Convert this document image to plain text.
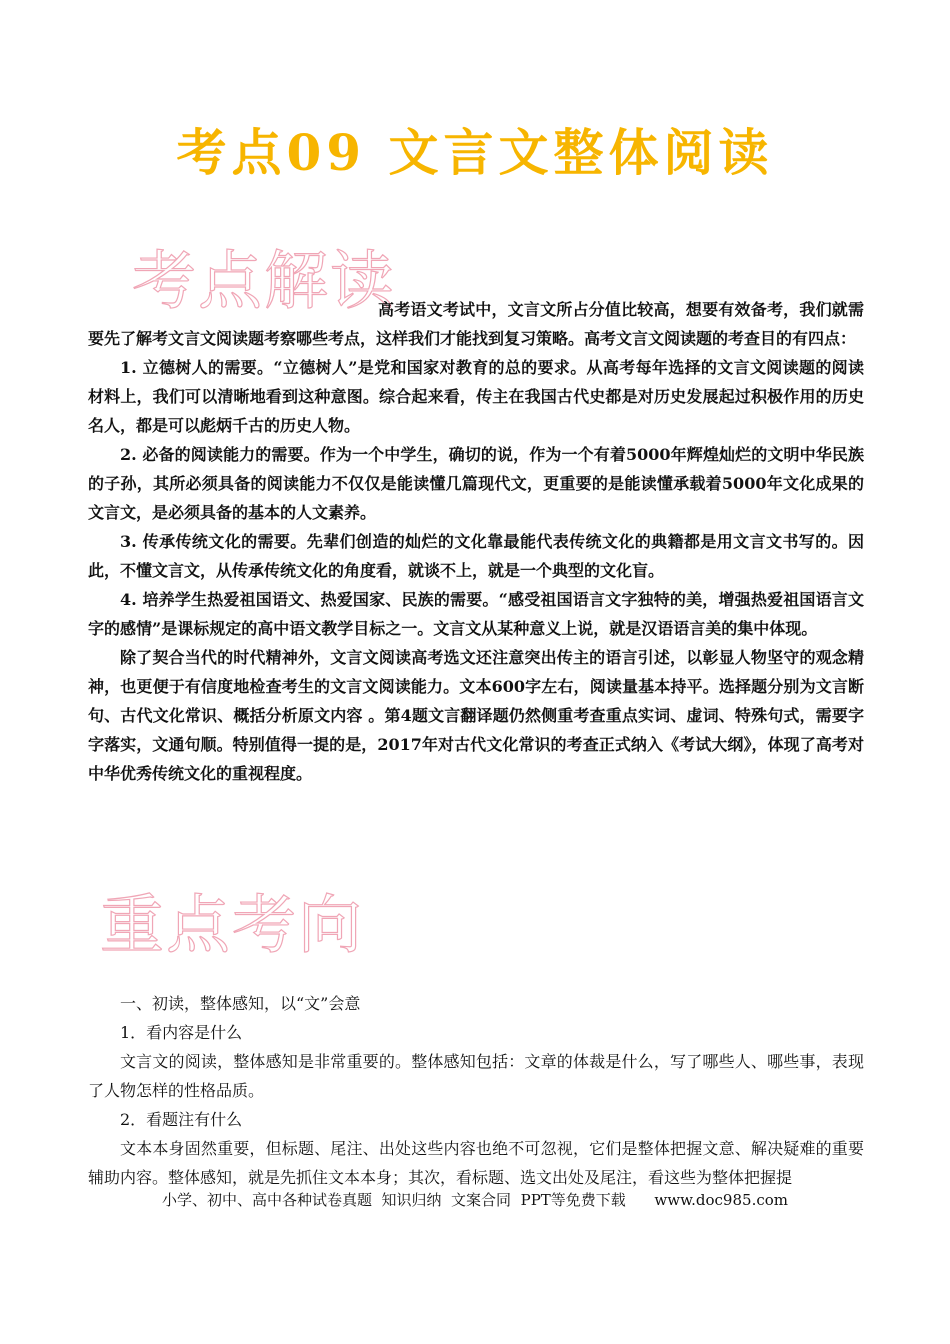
考点09 文言文整体阅读
考点解读

高考语文考试中，文言文所占分值比较高，想要有效备考，我们就需要先了解考文言文阅读题考察哪些考点，这样我们才能找到复习策略。高考文言文阅读题的考查目的有四点：

1. 立德树人的需要。“立德树人”是党和国家对教育的总的要求。从高考每年选择的文言文阅读题的阅读材料上，我们可以清晰地看到这种意图。综合起来看，传主在我国古代史都是对历史发展起过积极作用的历史名人，都是可以彪炳千古的历史人物。

2. 必备的阅读能力的需要。作为一个中学生，确切的说，作为一个有着5000年辉煌灿烂的文明中华民族的子孙，其所必须具备的阅读能力不仅仅是能读懂几篇现代文，更重要的是能读懂承载着5000年文化成果的文言文，是必须具备的基本的人文素养。

3. 传承传统文化的需要。先辈们创造的灿烂的文化靠最能代表传统文化的典籍都是用文言文书写的。因此，不懂文言文，从传承传统文化的角度看，就谈不上，就是一个典型的文化盲。

4. 培养学生热爱祖国语文、热爱国家、民族的需要。“感受祖国语言文字独特的美，增强热爱祖国语言文字的感情”是课标规定的高中语文教学目标之一。文言文从某种意义上说，就是汉语语言美的集中体现。

除了契合当代的时代精神外，文言文阅读高考选文还注意突出传主的语言引述，以彰显人物坚守的观念精神，也更便于有信度地检查考生的文言文阅读能力。文本600字左右，阅读量基本持平。选择题分别为文言断句、古代文化常识、概括分析原文内容 。第4题文言翻译题仍然侧重考查重点实词、虚词、特殊句式，需要字字落实，文通句顺。特别值得一提的是，2017年对古代文化常识的考查正式纳入《考试大纲》，体现了高考对中华优秀传统文化的重视程度。

重点考向

一、初读，整体感知，以“文”会意

1．看内容是什么

文言文的阅读，整体感知是非常重要的。整体感知包括：文章的体裁是什么，写了哪些人、哪些事，表现了人物怎样的性格品质。

2．看题注有什么

文本本身固然重要，但标题、尾注、出处这些内容也绝不可忽视，它们是整体把握文意、解决疑难的重要辅助内容。整体感知，就是先抓住文本本身；其次，看标题、选文出处及尾注，看这些为整体把握提

小学、初中、高中各种试卷真题  知识归纳  文案合同  PPT等免费下载      www.doc985.com
